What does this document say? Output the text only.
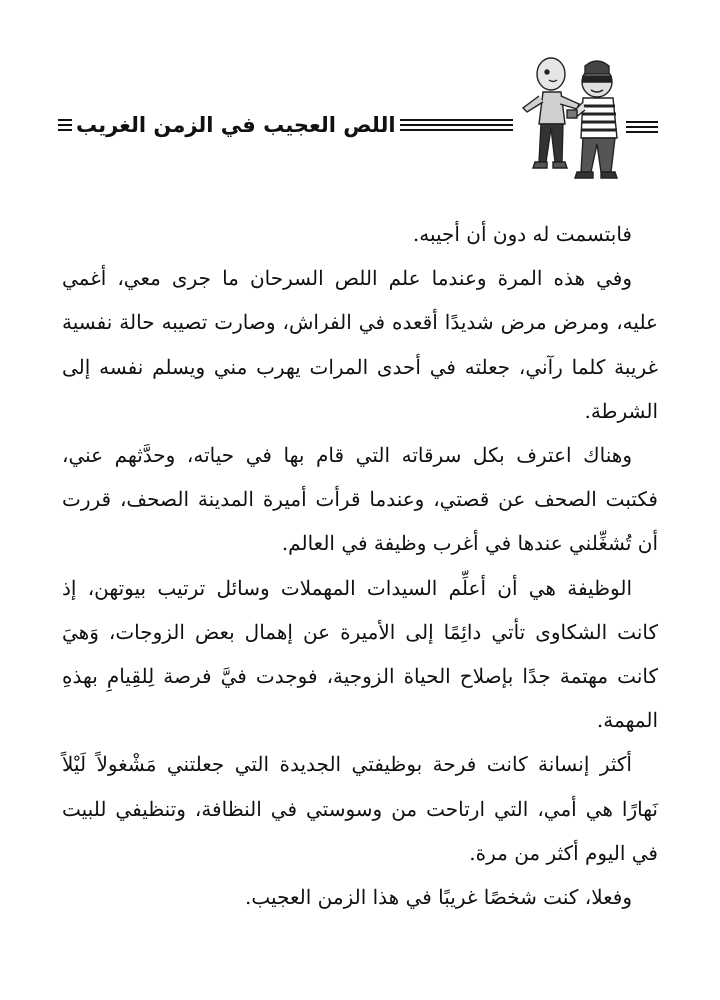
اللص العجيب في الزمن الغريب

فابتسمت له دون أن أجيبه.

وفي هذه المرة وعندما علم اللص السرحان ما جرى معي، أغمي عليه، ومرض مرض شديدًا أقعده في الفراش، وصارت تصيبه حالة نفسية غريبة كلما رآني، جعلته في أحدى المرات يهرب مني ويسلم نفسه إلى الشرطة.

وهناك اعترف بكل سرقاته التي قام بها في حياته، وحدَّثهم عني، فكتبت الصحف عن قصتي، وعندما قرأت أميرة المدينة الصحف، قررت أن تُشغِّلني عندها في أغرب وظيفة في العالم.

الوظيفة هي أن أعلِّم السيدات المهملات وسائل ترتيب بيوتهن، إذ كانت الشكاوى تأتي دائِمًا إلى الأميرة عن إهمال بعض الزوجات، وَهيَ كانت مهتمة جدًا بإصلاح الحياة الزوجية، فوجدت فيَّ فرصة لِلقِيامِ بهذهِ المهمة.

أكثر إنسانة كانت فرحة بوظيفتي الجديدة التي جعلتني مَشْغولاً لَيْلاً نَهارًا هي أمي، التي ارتاحت من وسوستي في النظافة، وتنظيفي للبيت في اليوم أكثر من مرة.

وفعلا، كنت شخصًا غريبًا في هذا الزمن العجيب.
